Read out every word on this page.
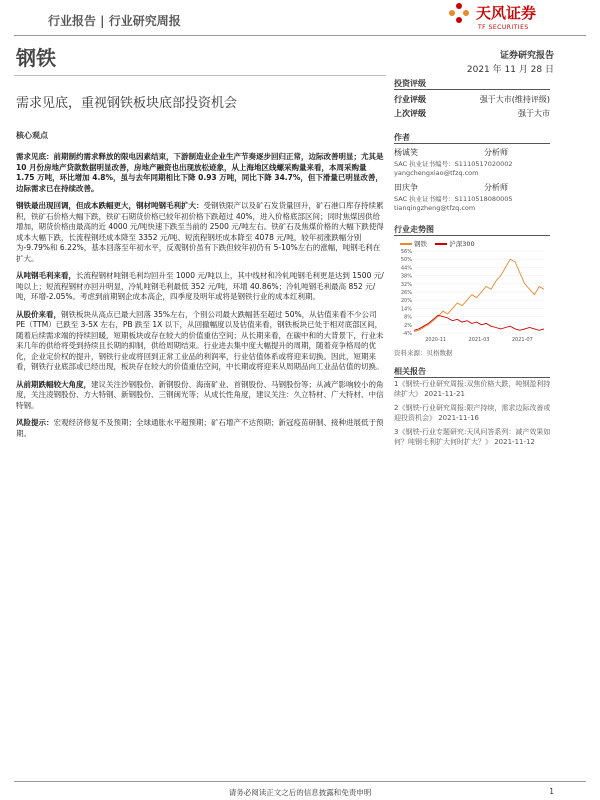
行业报告 | 行业研究周报	天风证券
TF SECURITIES
钢铁	证券研究报告
2021 年 11 月 28 日
投资评级
行业评级	强于大市(维持评级)
上次评级	强于大市
作者
杨诚笑	分析师
SAC 执业证书编号：S1110517020002
yangchengxiao@tfzq.com
田庆争	分析师
SAC 执业证书编号：S1110518080005
tianqingzheng@tfzq.com
行业走势图
钢铁	沪深300
-4%
2%
8%
14%
20%
26%
32%
38%
44%
50%
56%
2020-11	2021-03	2021-07
资料来源：贝格数据
相关报告
1《钢铁-行业研究周报:双焦价格大跌，吨钢盈利持续扩大》 2021-11-21
2《钢铁-行业研究周报:限产持续，需求边际改善或迎投资机会》 2021-11-16
3《钢铁-行业专题研究:天风问答系列：减产效果如何？吨钢毛利扩大何时扩大？》 2021-11-12
需求见底，重视钢铁板块底部投资机会
核心观点

需求见底：前期制约需求释放的限电因素结束，下游制造业企业生产节奏逐步回归正常，边际改善明显；尤其是 10 月份房地产贷款数据明显改善，房地产融资也出现放松迹象，从上海地区线螺采购量来看，本周采购量 1.75 万吨，环比增加 4.8%，虽与去年同期相比下降 0.93 万吨，同比下降 34.7%，但下滑量已明显改善，边际需求已在持续改善。

钢铁最出现回调，但成本跌幅更大，钢材吨钢毛利扩大：受钢铁限产以及矿石发货量回升，矿石港口库存持续累积，铁矿石价格大幅下跌，铁矿石期货价格已较年初价格下跌超过 40%，进入价格底部区间；同时焦煤因供给增加，期货价格由最高的近 4000 元/吨快速下跌至当前的 2500 元/吨左右。铁矿石及焦煤价格的大幅下跌使得成本大幅下跌，长流程钢坯成本降至 3352 元/吨、短流程钢坯成本降至 4078 元/吨，较年初涨跌幅分别为-9.79%和 6.22%，基本回落至年初水平，反观钢价虽有下跌但较年初仍有 5-10%左右的涨幅，吨钢毛利在扩大。

从吨钢毛利来看，长流程钢材吨钢毛利均回升至 1000 元/吨以上，其中线材和冷轧吨钢毛利更是达到 1500 元/吨以上；短流程钢材亦回升明显，冷轧吨钢毛利最低 352 元/吨，环增 40.86%；冷轧吨钢毛利最高 852 元/吨，环增-2.05%。考虑到前期钢企成本高企，四季度及明年或将是钢铁行业的成本红利期。

从股价来看，钢铁板块从高点已最大回落 35%左右，个别公司最大跌幅甚至超过 50%，从估值来看不少公司 PE（TTM）已跌至 3-5X 左右，PB 跌至 1X 以下，从回撤幅度以及估值来看，钢铁板块已处于相对底部区间，随着后续需求端的持续回暖，短期板块或存在较大的价值重估空间；从长期来看，在碳中和的大背景下，行业未来几年的供给将受到持续且长期的抑制，供给周期结束。行业进去集中度大幅提升的周期，随着竞争格局的优化，企业定价权的提升，钢铁行业或将回到正常工业品的利润率，行业估值体系或将迎来切换。因此，短期来看，钢铁行业底部或已经出现，板块存在较大的价值重估空间，中长期或将迎来从周期品向工业品估值的切换。

从前期跌幅较大角度，建议关注沙钢股份、新钢股份、海南矿业、首钢股份、马钢股份等；从减产影响较小的角度，关注凌钢股份、方大特钢、新钢股份、三钢闽光等；从成长性角度，建议关注：久立特材、广大特材、中信特钢。

风险提示：宏观经济修复不及预期；全球通胀水平超预期；矿石增产不达预期；新冠疫苗研制、接种进展低于预期。

请务必阅读正文之后的信息披露和免责申明	1
